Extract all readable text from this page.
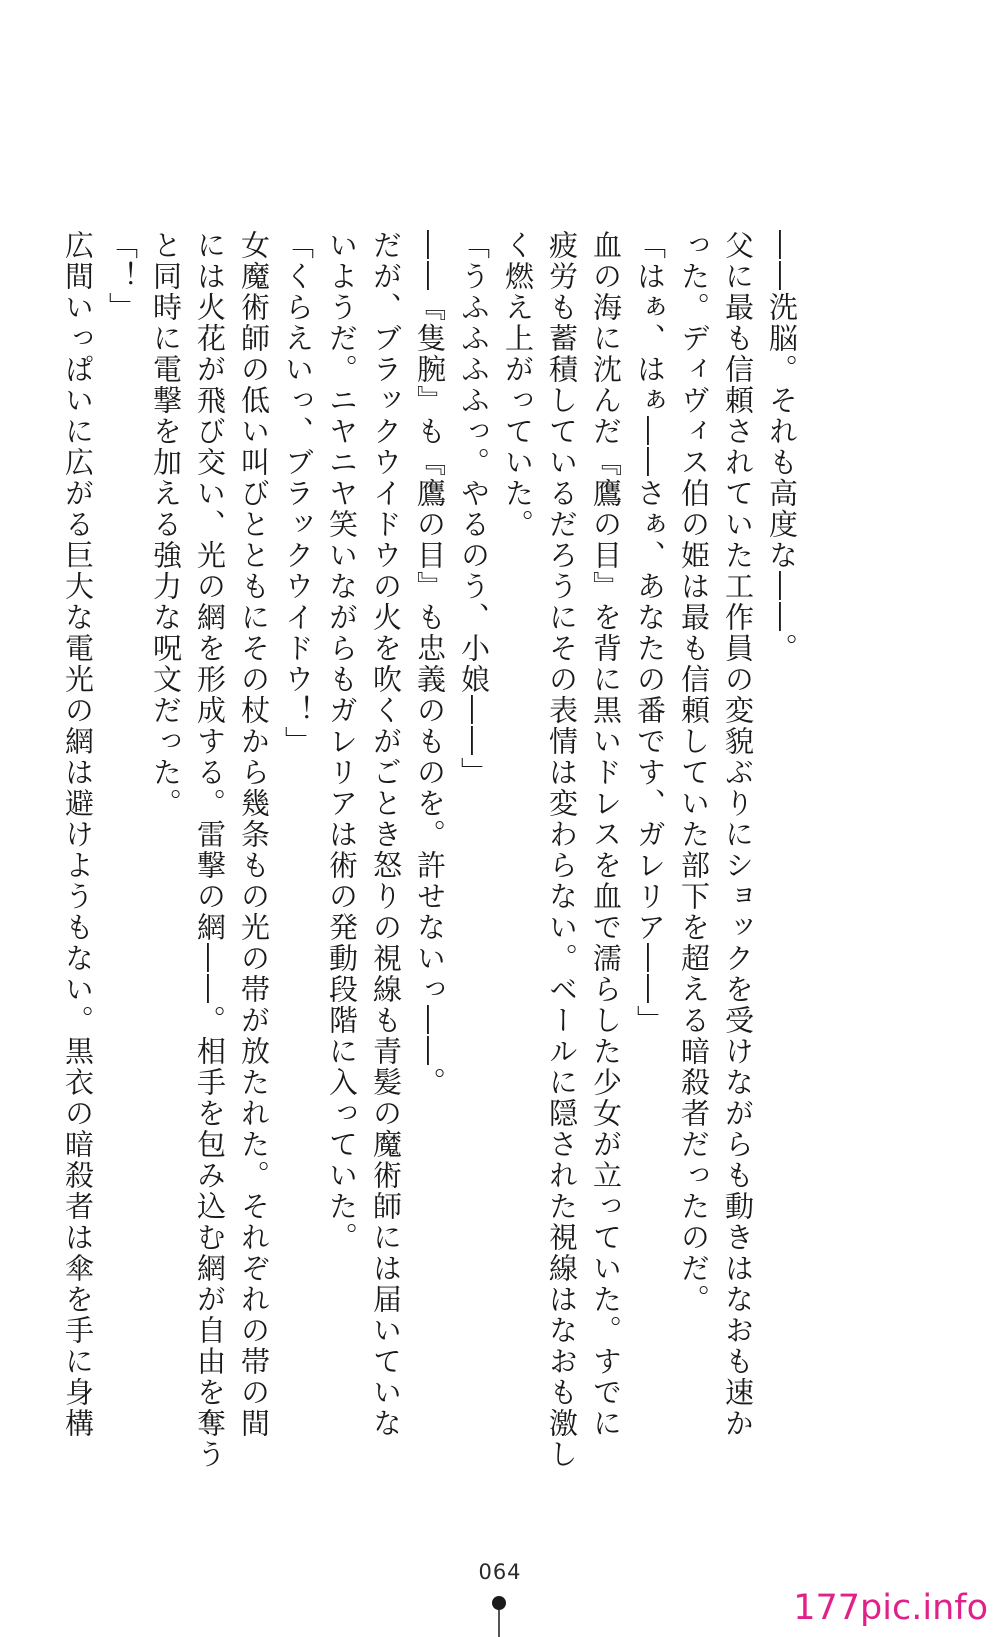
――洗脳。それも高度な――。
父に最も信頼されていた工作員の変貌ぶりにショックを受けながらも動きはなおも速か
った。ディヴィス伯の姫は最も信頼していた部下を超える暗殺者だったのだ。
「はぁ、はぁ――さぁ、あなたの番です、ガレリア――」
血の海に沈んだ『鷹の目』を背に黒いドレスを血で濡らした少女が立っていた。すでに
疲労も蓄積しているだろうにその表情は変わらない。ベールに隠された視線はなおも激し
く燃え上がっていた。
「うふふふふっ。やるのう、小娘――」
――『隻腕』も『鷹の目』も忠義のものを。許せないっ――。
だが、ブラックウイドウの火を吹くがごとき怒りの視線も青髪の魔術師には届いていな
いようだ。ニヤニヤ笑いながらもガレリアは術の発動段階に入っていた。
「くらえいっ、ブラックウイドウ！」
女魔術師の低い叫びとともにその杖から幾条もの光の帯が放たれた。それぞれの帯の間
には火花が飛び交い、光の網を形成する。雷撃の網――。相手を包み込む網が自由を奪う
と同時に電撃を加える強力な呪文だった。
「！」
広間いっぱいに広がる巨大な電光の網は避けようもない。黒衣の暗殺者は傘を手に身構
064
177pic.info
